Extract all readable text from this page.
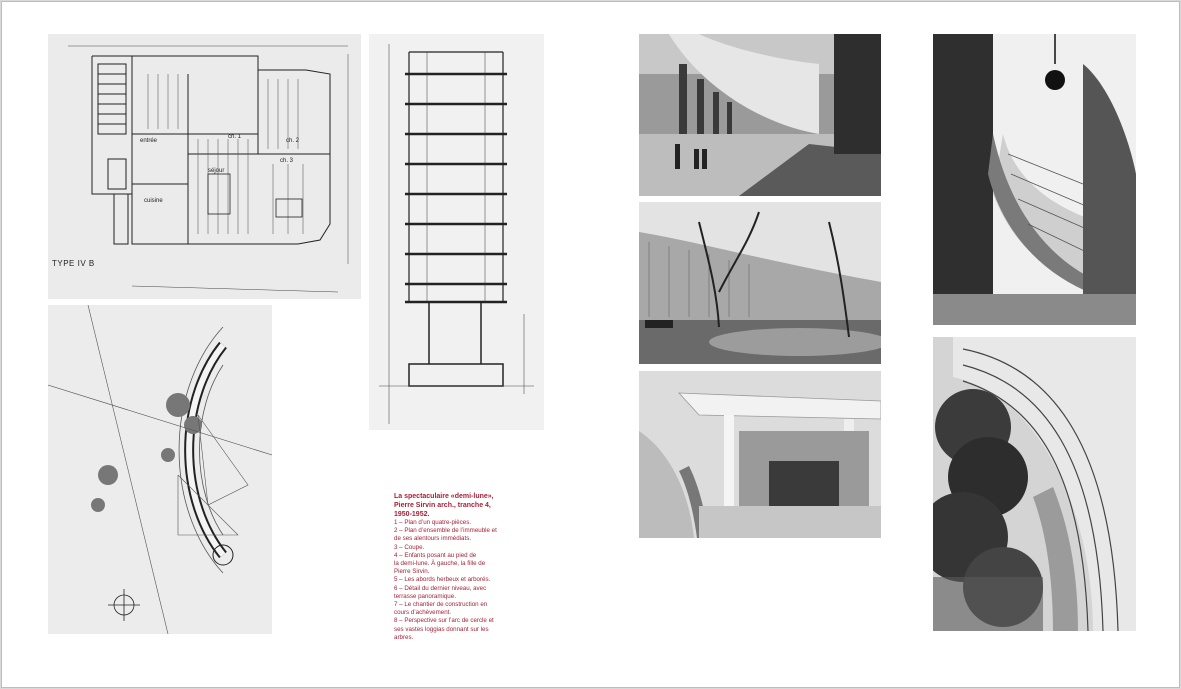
ch. 1
ch. 2
ch. 3
séjour
cuisine
entrée
TYPE IV B
La spectaculaire «demi-lune»,
Pierre Sirvin arch., tranche 4,
1950-1952.
1 – Plan d’un quatre-pièces.
2 – Plan d’ensemble de l’immeuble et
de ses alentours immédiats.
3 – Coupe.
4 – Enfants posant au pied de
la demi-lune. À gauche, la fille de
Pierre Sirvin.
5 – Les abords herbeux et arborés.
6 – Détail du dernier niveau, avec
terrasse panoramique.
7 – Le chantier de construction en
cours d’achèvement.
8 – Perspective sur l’arc de cercle et
ses vastes loggias donnant sur les
arbres.
